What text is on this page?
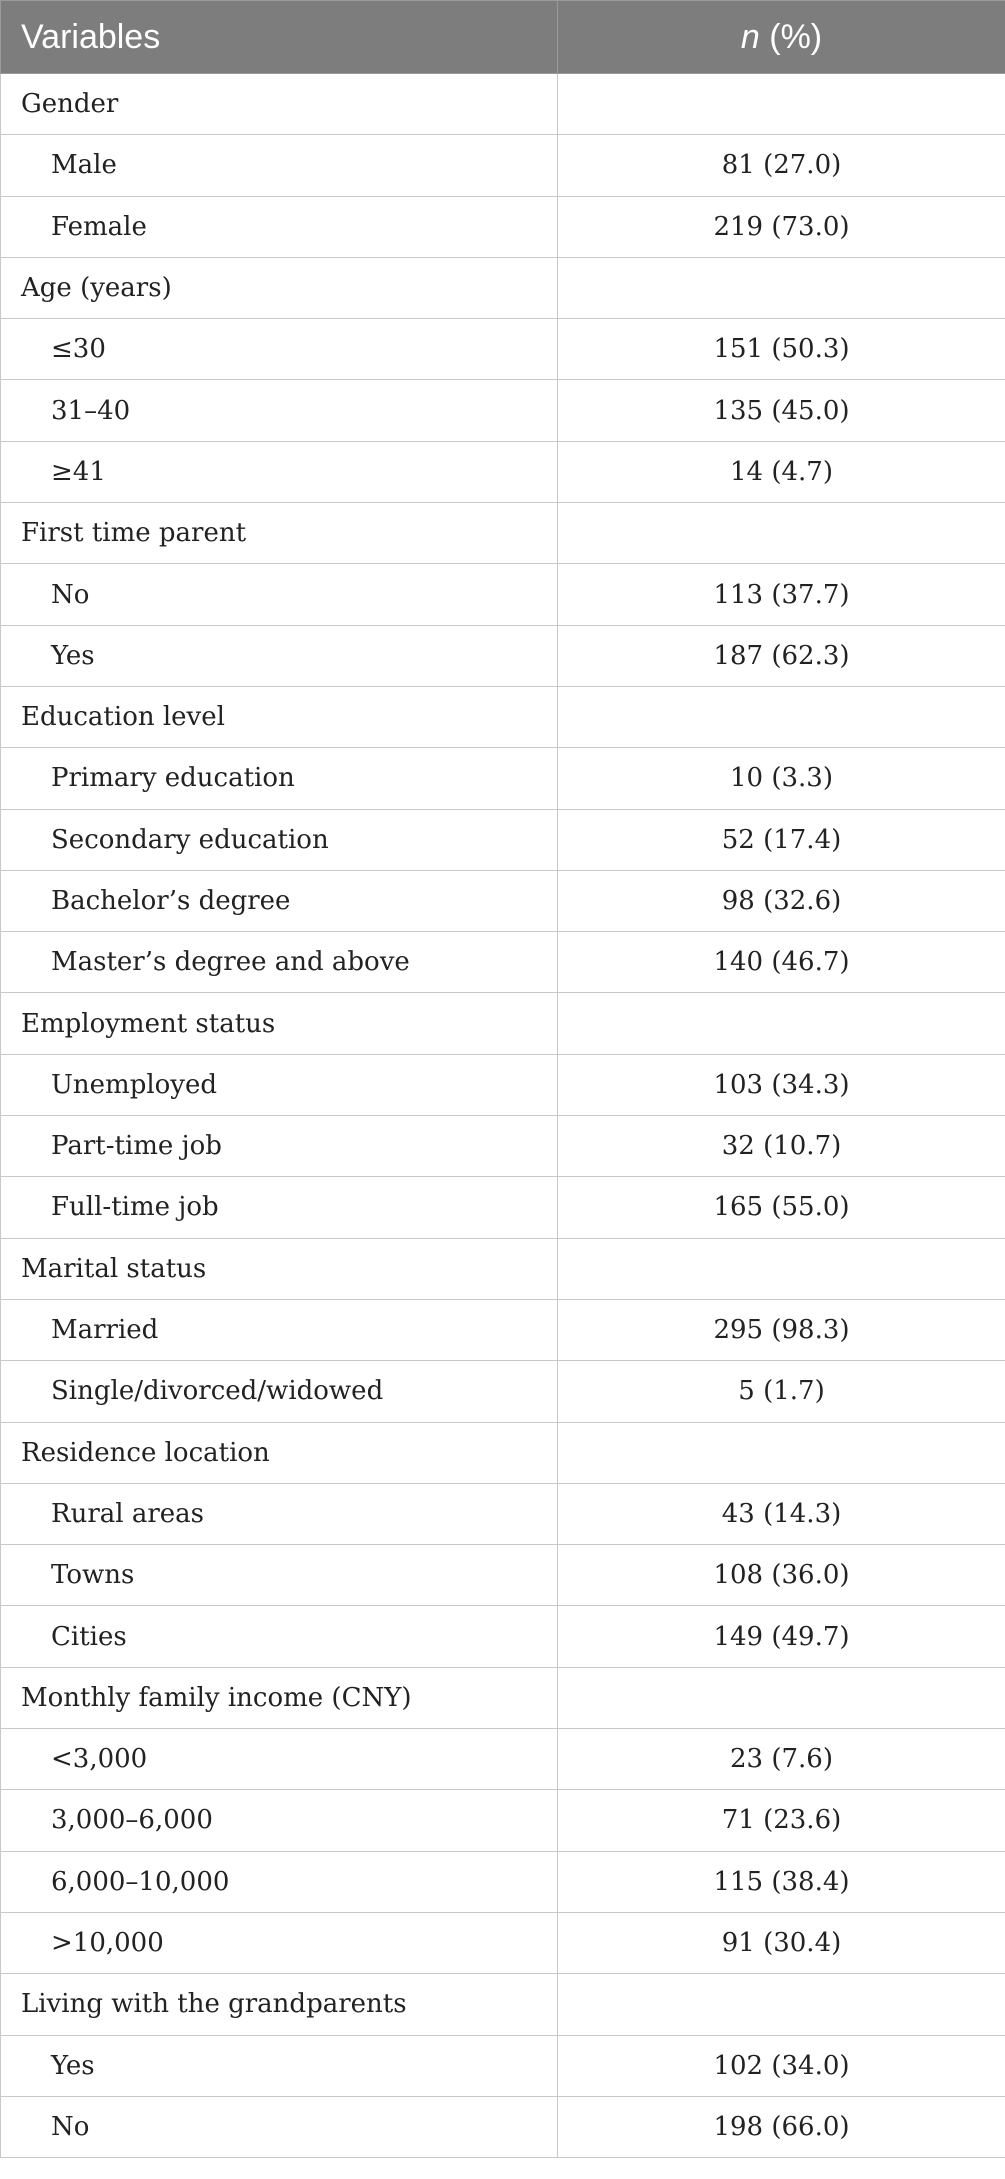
Variables	n (%)
Gender	
Male	81 (27.0)
Female	219 (73.0)
Age (years)	
≤30	151 (50.3)
31–40	135 (45.0)
≥41	14 (4.7)
First time parent	
No	113 (37.7)
Yes	187 (62.3)
Education level	
Primary education	10 (3.3)
Secondary education	52 (17.4)
Bachelor’s degree	98 (32.6)
Master’s degree and above	140 (46.7)
Employment status	
Unemployed	103 (34.3)
Part-time job	32 (10.7)
Full-time job	165 (55.0)
Marital status	
Married	295 (98.3)
Single/divorced/widowed	5 (1.7)
Residence location	
Rural areas	43 (14.3)
Towns	108 (36.0)
Cities	149 (49.7)
Monthly family income (CNY)	
<3,000	23 (7.6)
3,000–6,000	71 (23.6)
6,000–10,000	115 (38.4)
>10,000	91 (30.4)
Living with the grandparents	
Yes	102 (34.0)
No	198 (66.0)
